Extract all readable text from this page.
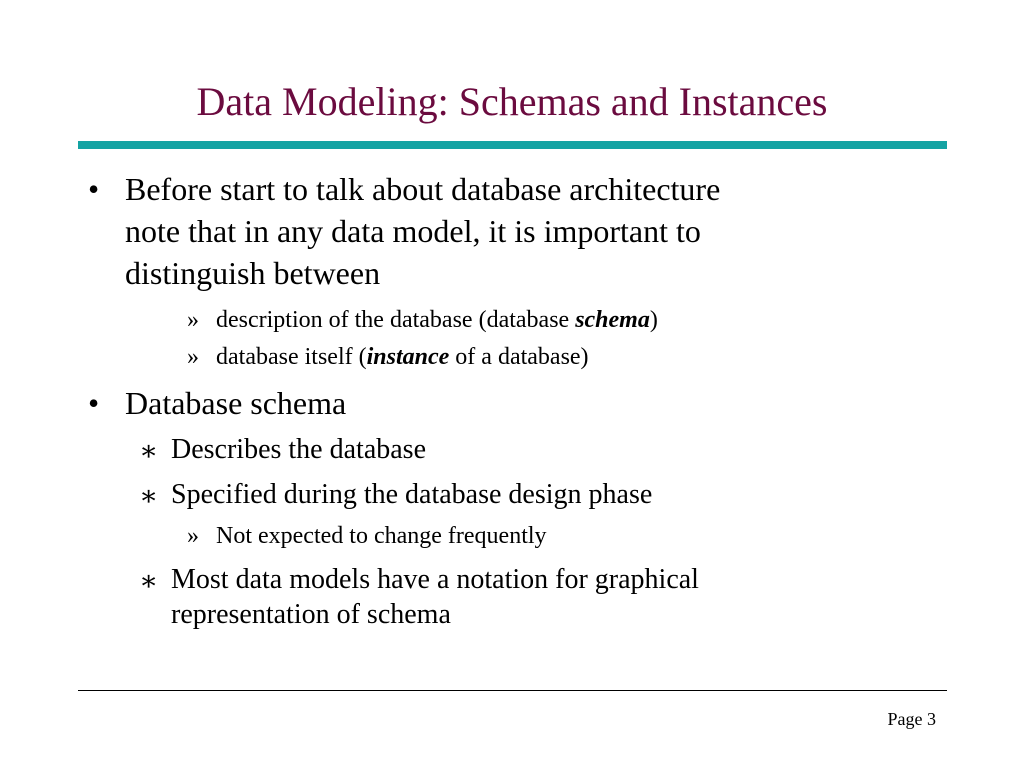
Data Modeling: Schemas and Instances
• Before start to talk about database architecture
note that in any data model, it is important to
distinguish between
» description of the database (database schema)
» database itself (instance of a database)
• Database schema
∗ Describes the database
∗ Specified during the database design phase
» Not expected to change frequently
∗ Most data models have a notation for graphical
representation of schema
Page 3
